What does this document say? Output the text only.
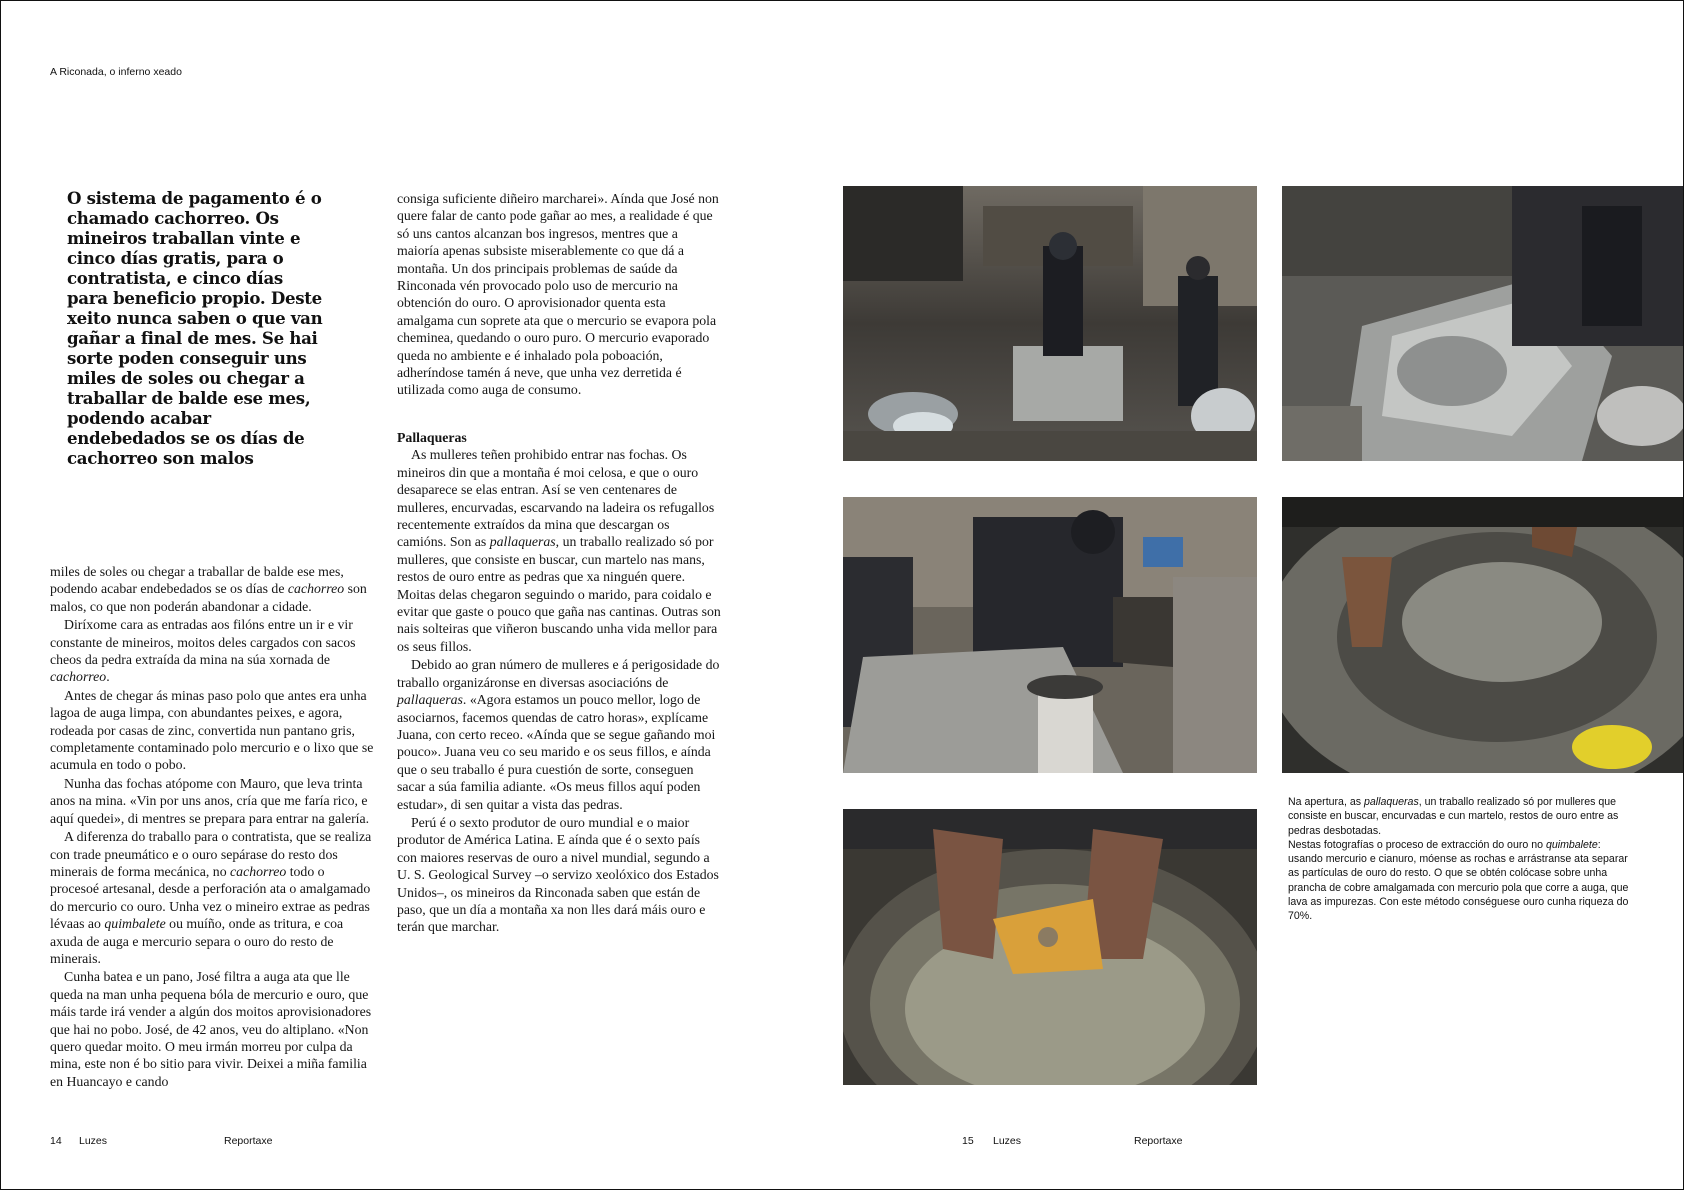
A Riconada, o inferno xeado

O sistema de pagamento é o chamado cachorreo. Os mineiros traballan vinte e cinco días gratis, para o contratista, e cinco días para beneficio propio. Deste xeito nunca saben o que van gañar a final de mes. Se hai sorte poden conseguir uns miles de soles ou chegar a traballar de balde ese mes, podendo acabar endebedados se os días de cachorreo son malos

miles de soles ou chegar a traballar de balde ese mes, podendo acabar endebedados se os días de cachorreo son malos, co que non poderán abandonar a cidade.

Diríxome cara as entradas aos filóns entre un ir e vir constante de mineiros, moitos deles cargados con sacos cheos da pedra extraída da mina na súa xornada de cachorreo.

Antes de chegar ás minas paso polo que antes era unha lagoa de auga limpa, con abundantes peixes, e agora, rodeada por casas de zinc, convertida nun pantano gris, completamente contaminado polo mercurio e o lixo que se acumula en todo o pobo.

Nunha das fochas atópome con Mauro, que leva trinta anos na mina. «Vin por uns anos, cría que me faría rico, e aquí quedei», di mentres se prepara para entrar na galería.

A diferenza do traballo para o contratista, que se realiza con trade pneumático e o ouro sepárase do resto dos minerais de forma mecánica, no cachorreo todo o procesoé artesanal, desde a perforación ata o amalgamado do mercurio co ouro. Unha vez o mineiro extrae as pedras lévaas ao quimbalete ou muíño, onde as tritura, e coa axuda de auga e mercurio separa o ouro do resto de minerais.

Cunha batea e un pano, José filtra a auga ata que lle queda na man unha pequena bóla de mercurio e ouro, que máis tarde irá vender a algún dos moitos aprovisionadores que hai no pobo. José, de 42 anos, veu do altiplano. «Non quero quedar moito. O meu irmán morreu por culpa da mina, este non é bo sitio para vivir. Deixei a miña familia en Huancayo e cando

consiga suficiente diñeiro marcharei». Aínda que José non quere falar de canto pode gañar ao mes, a realidade é que só uns cantos alcanzan bos ingresos, mentres que a maioría apenas subsiste miserablemente co que dá a montaña. Un dos principais problemas de saúde da Rinconada vén provocado polo uso de mercurio na obtención do ouro. O aprovisionador quenta esta amalgama cun soprete ata que o mercurio se evapora pola cheminea, quedando o ouro puro. O mercurio evaporado queda no ambiente e é inhalado pola poboación, adheríndose tamén á neve, que unha vez derretida é utilizada como auga de consumo.

Pallaqueras

As mulleres teñen prohibido entrar nas fochas. Os mineiros din que a montaña é moi celosa, e que o ouro desaparece se elas entran. Así se ven centenares de mulleres, encurvadas, escarvando na ladeira os refugallos recentemente extraídos da mina que descargan os camións. Son as pallaqueras, un traballo realizado só por mulleres, que consiste en buscar, cun martelo nas mans, restos de ouro entre as pedras que xa ninguén quere. Moitas delas chegaron seguindo o marido, para coidalo e evitar que gaste o pouco que gaña nas cantinas. Outras son nais solteiras que viñeron buscando unha vida mellor para os seus fillos.

Debido ao gran número de mulleres e á perigosidade do traballo organizáronse en diversas asociacións de pallaqueras. «Agora estamos un pouco mellor, logo de asociarnos, facemos quendas de catro horas», explícame Juana, con certo receo. «Aínda que se segue gañando moi pouco». Juana veu co seu marido e os seus fillos, e aínda que o seu traballo é pura cuestión de sorte, conseguen sacar a súa familia adiante. «Os meus fillos aquí poden estudar», di sen quitar a vista das pedras.

Perú é o sexto produtor de ouro mundial e o maior produtor de América Latina. E aínda que é o sexto país con maiores reservas de ouro a nivel mundial, segundo a U. S. Geological Survey –o servizo xeolóxico dos Estados Unidos–, os mineiros da Rinconada saben que están de paso, que un día a montaña xa non lles dará máis ouro e terán que marchar.

Na apertura, as pallaqueras, un traballo realizado só por mulleres que consiste en buscar, encurvadas e cun martelo, restos de ouro entre as pedras desbotadas.

Nestas fotografías o proceso de extracción do ouro no quimbalete: usando mercurio e cianuro, móense as rochas e arrástranse ata separar as partículas de ouro do resto. O que se obtén colócase sobre unha prancha de cobre amalgamada con mercurio pola que corre a auga, que lava as impurezas. Con este método conséguese ouro cunha riqueza do 70%.

14 Luzes	Reportaxe	15 Luzes	Reportaxe
